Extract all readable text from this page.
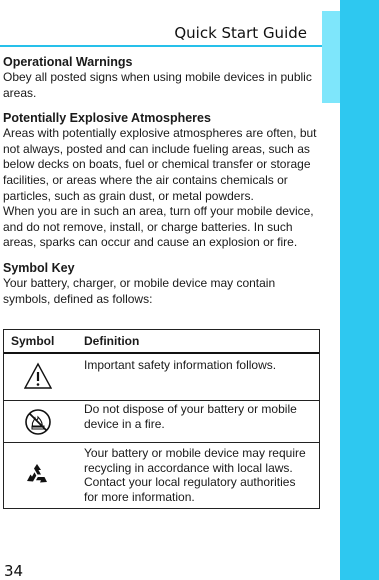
Quick Start Guide

Operational Warnings

Obey all posted signs when using mobile devices in public areas.

Potentially Explosive Atmospheres

Areas with potentially explosive atmospheres are often, but not always, posted and can include fueling areas, such as below decks on boats, fuel or chemical transfer or storage facilities, or areas where the air contains chemicals or particles, such as grain dust, or metal powders.

When you are in such an area, turn off your mobile device, and do not remove, install, or charge batteries. In such areas, sparks can occur and cause an explosion or fire.

Symbol Key

Your battery, charger, or mobile device may contain symbols, defined as follows:

Symbol Definition
Important safety information follows.
Do not dispose of your battery or mobile device in a fire.
Your battery or mobile device may require recycling in accordance with local laws. Contact your local regulatory authorities for more information.
34
